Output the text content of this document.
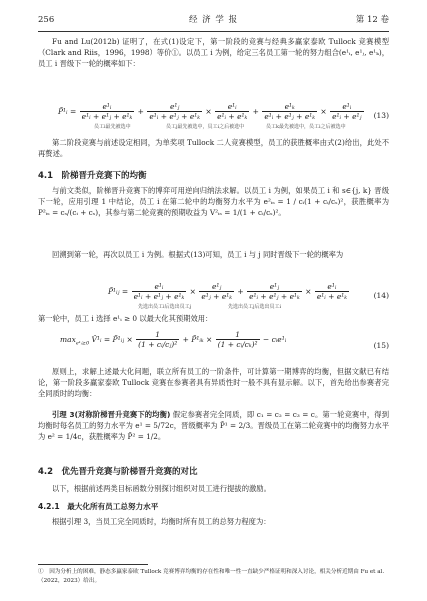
256	经 济 学 报	第 12 卷

Fu and Lu(2012b) 证明了，在式(1)设定下，第一阶段的竞赛与经典多赢家泰欧 Tullock 竞赛模型（Clark and Riis，1996，1998）等价①。以员工 i 为例，给定三名员工第一轮的努力组合(e¹ᵢ, e¹ⱼ, e¹ₖ)，员工 i 晋级下一轮的概率如下：

P̃¹ᵢ = $\frac{\text{e¹ᵢ}}{\text{e¹ᵢ + e¹ⱼ + e¹ₖ}} + \frac{\text{e¹ⱼ}}{\text{e¹ᵢ + e¹ⱼ + e¹ₖ}} \times \frac{\text{e¹ᵢ}}{\text{e¹ᵢ + e¹ₖ}} + \frac{\text{e¹ₖ}}{\text{e¹ᵢ + e¹ⱼ + e¹ₖ}} \times \frac{\text{e¹ᵢ}}{\text{e¹ᵢ + e¹ⱼ}}$
员工i最先被选中	员工j最先被选中，员工i之后被选中	员工k最先被选中，员工i之后被选中
(13)

第二阶段竞赛与前述设定相同，为单奖项 Tullock 二人竞赛模型，员工的获胜概率由式(2)给出，此处不再赘述。

4.1　阶梯晋升竞赛下的均衡

与前文类似，阶梯晋升竞赛下的博弈可用逆向归纳法求解。以员工 i 为例，如果员工 i 和 s∈{j, k} 晋级下一轮，应用引理 1 中结论，员工 i 在第二轮中的均衡努力水平为 e²ᵢₛ = 1 / cᵢ(1 + cᵢ/cₛ)²，获胜概率为 P²ᵢₛ = cₛ/(cᵢ + cₛ)，其参与第二轮竞赛的预期收益为 V²ᵢₛ = 1/(1 + cᵢ/cₛ)²。

回溯到第一轮，再次以员工 i 为例。根据式(13)可知，员工 i 与 j 同时晋级下一轮的概率为

P̃¹ᵢⱼ = $\frac{\text{e¹ᵢ}}{\text{e¹ᵢ + e¹ⱼ + e¹ₖ}} \times \frac{\text{e¹ⱼ}}{\text{e¹ⱼ + e¹ₖ}} + \frac{\text{e¹ⱼ}}{\text{e¹ᵢ + e¹ⱼ + e¹ₖ}} \times \frac{\text{e¹ᵢ}}{\text{e¹ᵢ + e¹ₖ}}$
先选出员工i后选出员工j	先选出员工j后选出员工i
(14)

第一轮中，员工 i 选择 e¹ᵢ ≥ 0 以最大化其预期效用：

$\max_{e^1ᵢ\ge 0}$ V̂¹ᵢ = P̃¹ᵢⱼ × $\frac{1}{\text{(1 + cᵢ/cⱼ)²}}$ + P̃¹ᵢₖ × $\frac{1}{\text{(1 + cᵢ/cₖ)²}}$ − cᵢe¹ᵢ
(15)

原则上，求解上述最大化问题，联立所有员工的一阶条件，可计算第一期博弈的均衡，但据文献已有结论，第一阶段多赢家泰欧 Tullock 竞赛在参赛者具有异质性时一般不具有显示解。以下，首先给出参赛者完全同质时的均衡：

引理 3(对称阶梯晋升竞赛下的均衡) 假定参赛者完全同质，即 c₁ = c₂ = c₃ = c。第一轮竞赛中，得到均衡时每名员工的努力水平为 e¹ = 5/72c，晋级概率为 P̄¹ = 2/3。晋级员工在第二轮竞赛中的均衡努力水平为 e² = 1/4c，获胜概率为 P̄² = 1/2。

4.2　优先晋升竞赛与阶梯晋升竞赛的对比

以下，根据前述两类目标函数分别探讨组织对员工进行提拔的激励。

4.2.1　最大化所有员工总努力水平

根据引理 3，当员工完全同质时，均衡时所有员工的总努力程度为：

①　因为分析上的困难，静态多赢家泰欧 Tullock 竞赛博弈均衡的存在性和唯一性一直缺少严格证明和深入讨论，相关分析近期由 Fu et al.（2022，2023）给出。
